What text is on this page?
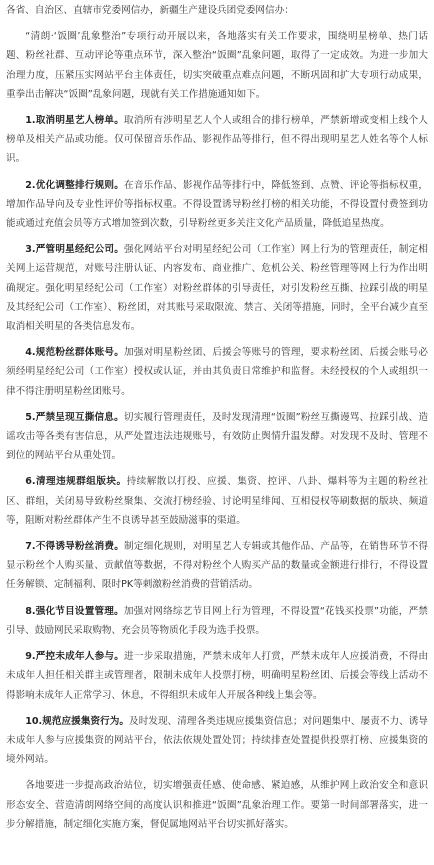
各省、自治区、直辖市党委网信办，新疆生产建设兵团党委网信办：

“清朗·‘饭圈’乱象整治”专项行动开展以来，各地落实有关工作要求，围绕明星榜单、热门话题、粉丝社群、互动评论等重点环节，深入整治“饭圈”乱象问题，取得了一定成效。为进一步加大治理力度，压紧压实网站平台主体责任，切实突破重点难点问题，不断巩固和扩大专项行动成果，重拳出击解决“饭圈”乱象问题，现就有关工作措施通知如下。

1.取消明星艺人榜单。取消所有涉明星艺人个人或组合的排行榜单，严禁新增或变相上线个人榜单及相关产品或功能。仅可保留音乐作品、影视作品等排行，但不得出现明星艺人姓名等个人标识。

2.优化调整排行规则。在音乐作品、影视作品等排行中，降低签到、点赞、评论等指标权重，增加作品导向及专业性评价等指标权重。不得设置诱导粉丝打榜的相关功能，不得设置付费签到功能或通过充值会员等方式增加签到次数，引导粉丝更多关注文化产品质量，降低追星热度。

3.严管明星经纪公司。强化网站平台对明星经纪公司（工作室）网上行为的管理责任，制定相关网上运营规范，对账号注册认证、内容发布、商业推广、危机公关、粉丝管理等网上行为作出明确规定。强化明星经纪公司（工作室）对粉丝群体的引导责任，对引发粉丝互撕、拉踩引战的明星及其经纪公司（工作室）、粉丝团，对其账号采取限流、禁言、关闭等措施，同时，全平台减少直至取消相关明星的各类信息发布。

4.规范粉丝群体账号。加强对明星粉丝团、后援会等账号的管理，要求粉丝团、后援会账号必须经明星经纪公司（工作室）授权或认证，并由其负责日常维护和监督。未经授权的个人或组织一律不得注册明星粉丝团账号。

5.严禁呈现互撕信息。切实履行管理责任，及时发现清理“饭圈”粉丝互撕谩骂、拉踩引战、造谣攻击等各类有害信息，从严处置违法违规账号，有效防止舆情升温发酵。对发现不及时、管理不到位的网站平台从重处罚。

6.清理违规群组版块。持续解散以打投、应援、集资、控评、八卦、爆料等为主题的粉丝社区、群组，关闭易导致粉丝聚集、交流打榜经验、讨论明星绯闻、互相侵权等刷数据的版块、频道等，阻断对粉丝群体产生不良诱导甚至鼓励滋事的渠道。

7.不得诱导粉丝消费。制定细化规则，对明星艺人专辑或其他作品、产品等，在销售环节不得显示粉丝个人购买量、贡献值等数据，不得对粉丝个人购买产品的数量或金额进行排行，不得设置任务解锁、定制福利、限时PK等刺激粉丝消费的营销活动。

8.强化节目设置管理。加强对网络综艺节目网上行为管理，不得设置“花钱买投票”功能，严禁引导、鼓励网民采取购物、充会员等物质化手段为选手投票。

9.严控未成年人参与。进一步采取措施，严禁未成年人打赏，严禁未成年人应援消费，不得由未成年人担任相关群主或管理者，限制未成年人投票打榜，明确明星粉丝团、后援会等线上活动不得影响未成年人正常学习、休息，不得组织未成年人开展各种线上集会等。

10.规范应援集资行为。及时发现、清理各类违规应援集资信息；对问题集中、屡责不力、诱导未成年人参与应援集资的网站平台，依法依规处置处罚；持续排查处置提供投票打榜、应援集资的境外网站。

各地要进一步提高政治站位，切实增强责任感、使命感、紧迫感，从维护网上政治安全和意识形态安全、营造清朗网络空间的高度认识和推进“饭圈”乱象治理工作。要第一时间部署落实，进一步分解措施，制定细化实施方案，督促属地网站平台切实抓好落实。
